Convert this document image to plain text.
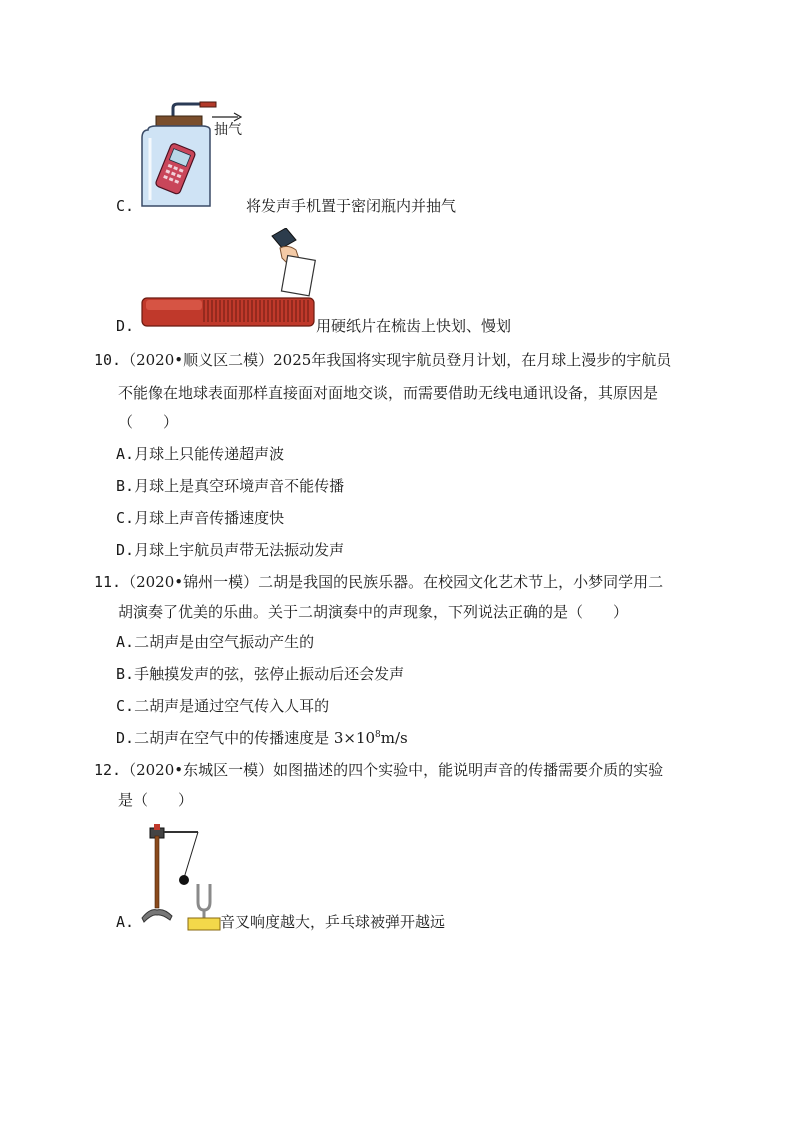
抽气
C.	将发声手机置于密闭瓶内并抽气
D.	用硬纸片在梳齿上快划、慢划
10.（2020•顺义区二模）2025年我国将实现宇航员登月计划，在月球上漫步的宇航员
不能像在地球表面那样直接面对面地交谈，而需要借助无线电通讯设备，其原因是
（　　）
A.月球上只能传递超声波
B.月球上是真空环境声音不能传播
C.月球上声音传播速度快
D.月球上宇航员声带无法振动发声
11.（2020•锦州一模）二胡是我国的民族乐器。在校园文化艺术节上，小梦同学用二
胡演奏了优美的乐曲。关于二胡演奏中的声现象，下列说法正确的是（　　）
A.二胡声是由空气振动产生的
B.手触摸发声的弦，弦停止振动后还会发声
C.二胡声是通过空气传入人耳的
D.二胡声在空气中的传播速度是 $3\times 10^8m/s$
12.（2020•东城区一模）如图描述的四个实验中，能说明声音的传播需要介质的实验
是（　　）
A.	音叉响度越大，乒乓球被弹开越远
